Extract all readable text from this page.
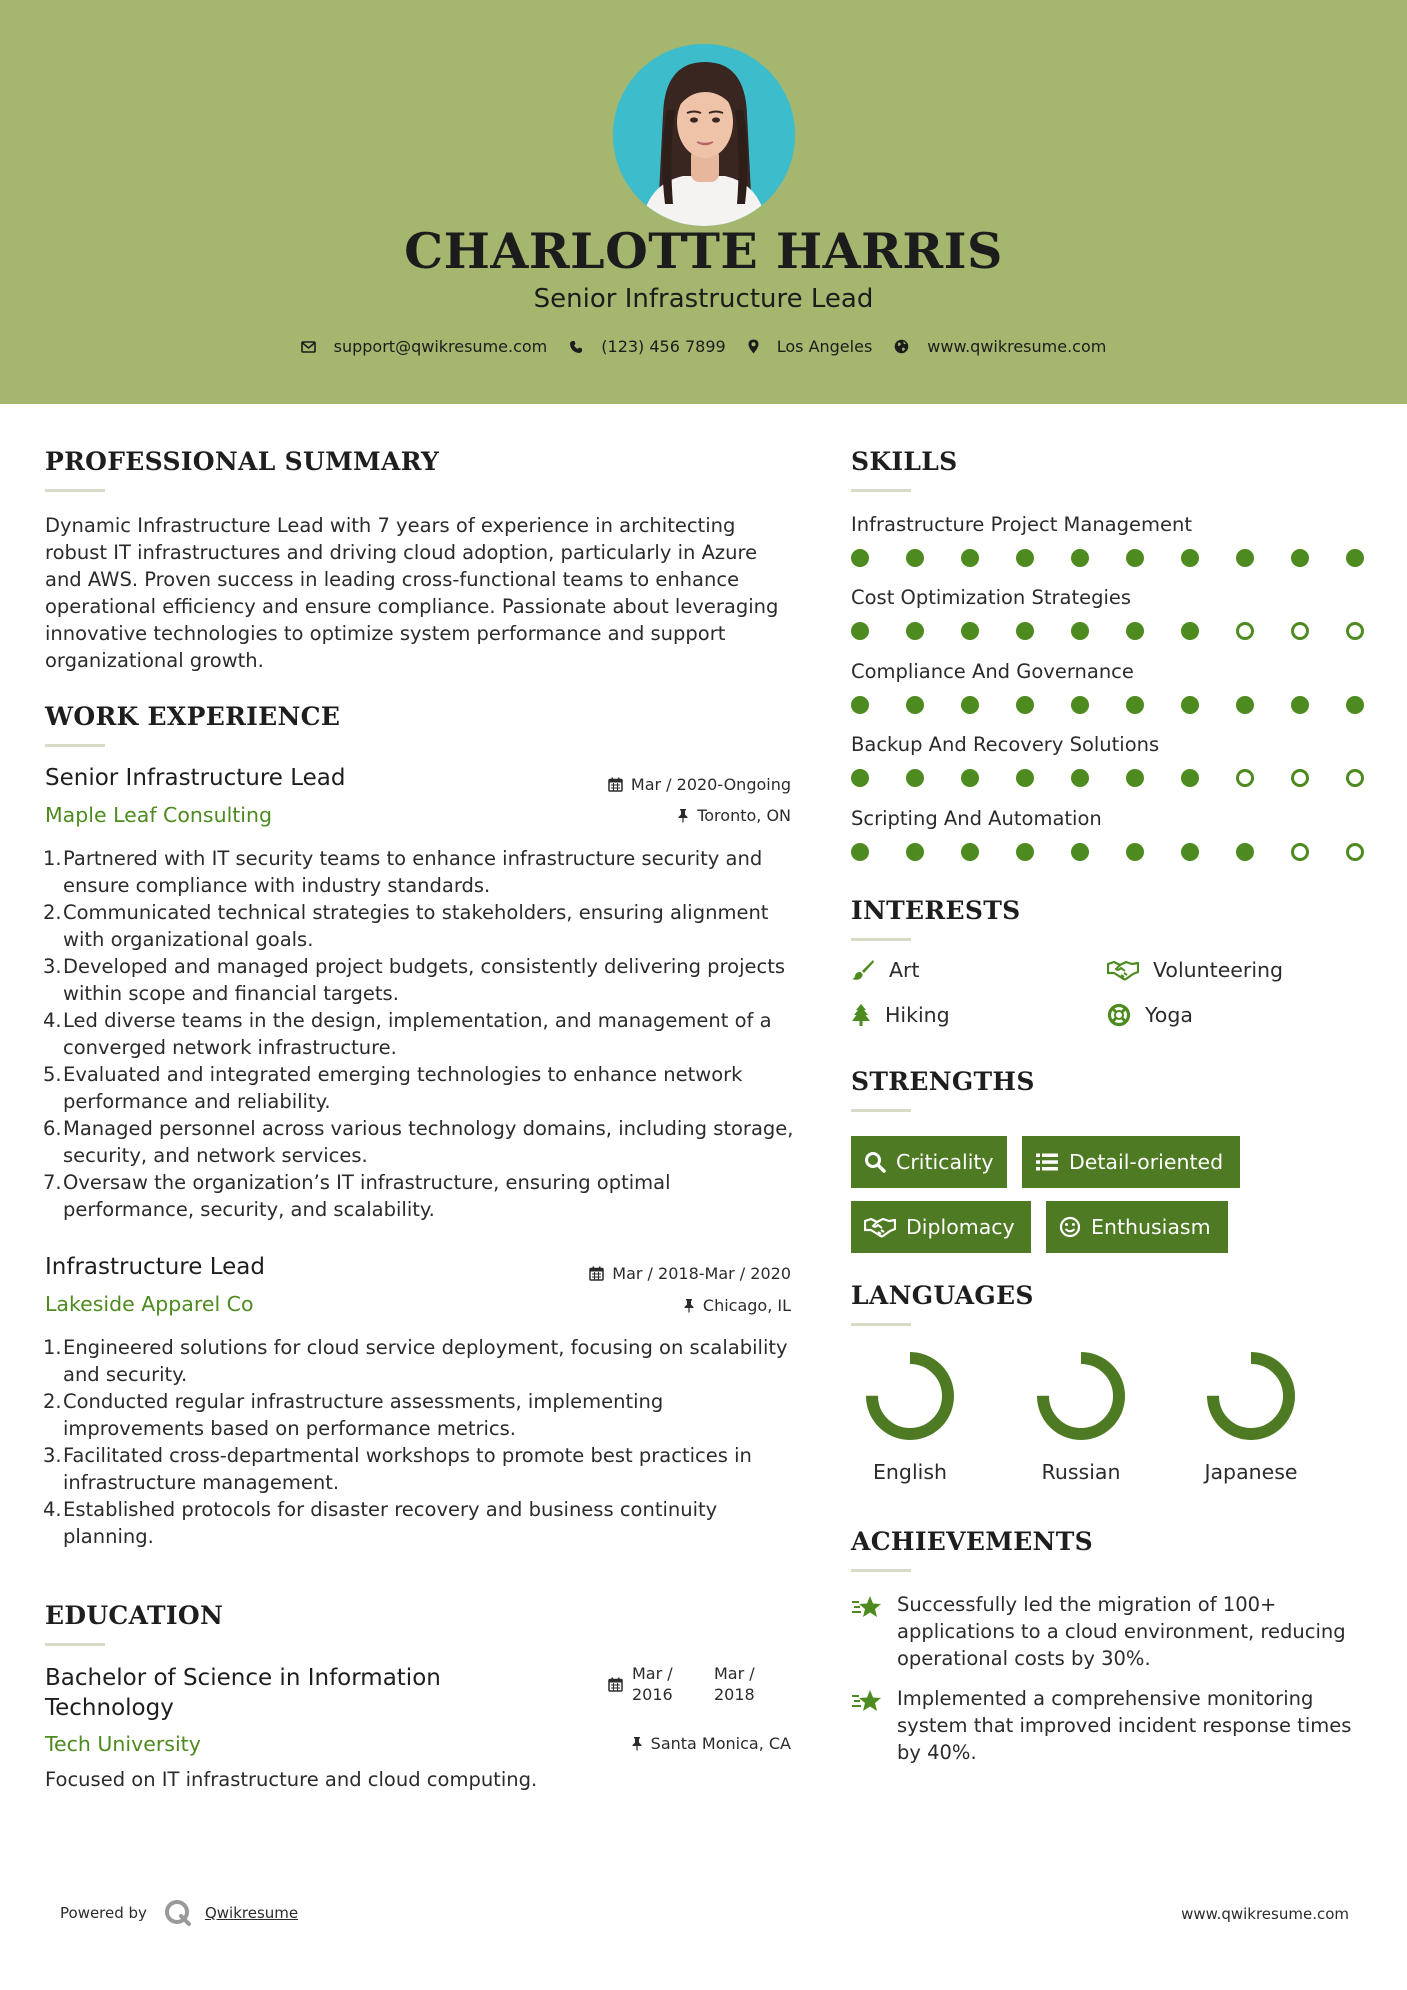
CHARLOTTE HARRIS
Senior Infrastructure Lead
support@qwikresume.com	(123) 456 7899	Los Angeles	www.qwikresume.com
PROFESSIONAL SUMMARY
Dynamic Infrastructure Lead with 7 years of experience in architecting robust IT infrastructures and driving cloud adoption, particularly in Azure and AWS. Proven success in leading cross-functional teams to enhance operational efficiency and ensure compliance. Passionate about leveraging innovative technologies to optimize system performance and support organizational growth.
WORK EXPERIENCE
Senior Infrastructure Lead	Mar / 2020-Ongoing
Maple Leaf Consulting	Toronto, ON
1. Partnered with IT security teams to enhance infrastructure security and ensure compliance with industry standards.
2. Communicated technical strategies to stakeholders, ensuring alignment with organizational goals.
3. Developed and managed project budgets, consistently delivering projects within scope and financial targets.
4. Led diverse teams in the design, implementation, and management of a converged network infrastructure.
5. Evaluated and integrated emerging technologies to enhance network performance and reliability.
6. Managed personnel across various technology domains, including storage, security, and network services.
7. Oversaw the organization’s IT infrastructure, ensuring optimal performance, security, and scalability.
Infrastructure Lead	Mar / 2018-Mar / 2020
Lakeside Apparel Co	Chicago, IL
1. Engineered solutions for cloud service deployment, focusing on scalability and security.
2. Conducted regular infrastructure assessments, implementing improvements based on performance metrics.
3. Facilitated cross-departmental workshops to promote best practices in infrastructure management.
4. Established protocols for disaster recovery and business continuity planning.
EDUCATION
Bachelor of Science in Information Technology
Mar /
2016
Mar /
2018
Tech University	Santa Monica, CA
Focused on IT infrastructure and cloud computing.
SKILLS
Infrastructure Project Management
Cost Optimization Strategies
Compliance And Governance
Backup And Recovery Solutions
Scripting And Automation
INTERESTS
Art	Volunteering
Hiking	Yoga
STRENGTHS
Criticality	Detail-oriented
Diplomacy	Enthusiasm
LANGUAGES
English	Russian	Japanese
ACHIEVEMENTS
Successfully led the migration of 100+ applications to a cloud environment, reducing operational costs by 30%.
Implemented a comprehensive monitoring system that improved incident response times by 40%.
Powered by	Qwikresume	www.qwikresume.com
